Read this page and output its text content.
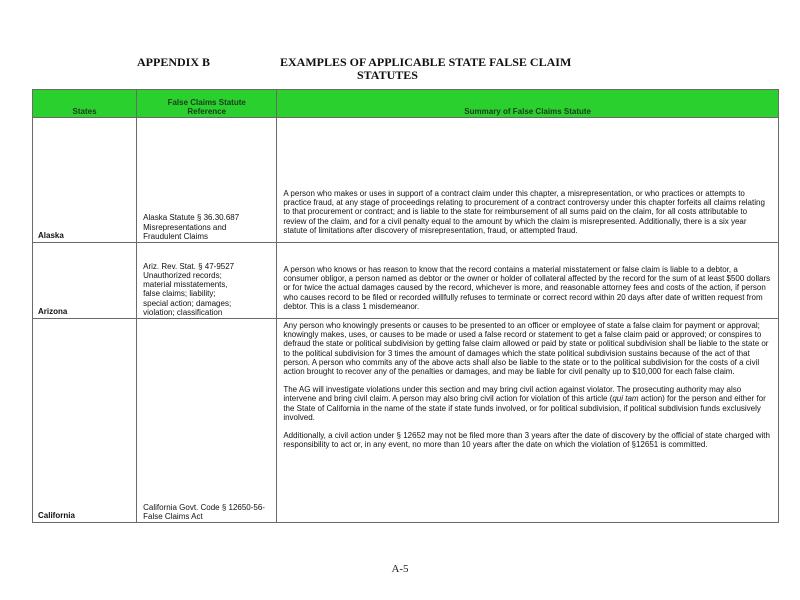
APPENDIX B	EXAMPLES OF APPLICABLE STATE FALSE CLAIM
STATUTES
States	False Claims Statute Reference	Summary of False Claims Statute

Alaska	Alaska Statute § 36.30.687 Misrepresentations and Fraudulent Claims	A person who makes or uses in support of a contract claim under this chapter, a misrepresentation, or who practices or attempts to practice fraud, at any stage of proceedings relating to procurement of a contract controversy under this chapter forfeits all claims relating to that procurement or contract; and is liable to the state for reimbursement of all sums paid on the claim, for all costs attributable to review of the claim, and for a civil penalty equal to the amount by which the claim is misrepresented. Additionally, there is a six year statute of limitations after discovery of misrepresentation, fraud, or attempted fraud.

Arizona	Ariz. Rev. Stat. § 47-9527 Unauthorized records; material misstatements, false claims; liability; special action; damages; violation; classification	A person who knows or has reason to know that the record contains a material misstatement or false claim is liable to a debtor, a consumer obligor, a person named as debtor or the owner or holder of collateral affected by the record for the sum of at least $500 dollars or for twice the actual damages caused by the record, whichever is more, and reasonable attorney fees and costs of the action, if person who causes record to be filed or recorded willfully refuses to terminate or correct record within 20 days after date of written request from debtor. This is a class 1 misdemeanor.

California	California Govt. Code § 12650-56-False Claims Act	Any person who knowingly presents or causes to be presented to an officer or employee of state a false claim for payment or approval; knowingly makes, uses, or causes to be made or used a false record or statement to get a false claim paid or approved; or conspires to defraud the state or political subdivision by getting false claim allowed or paid by state or political subdivision shall be liable to the state or to the political subdivision for 3 times the amount of damages which the state political subdivision sustains because of the act of that person. A person who commits any of the above acts shall also be liable to the state or to the political subdivision for the costs of a civil action brought to recover any of the penalties or damages, and may be liable for civil penalty up to $10,000 for each false claim.

The AG will investigate violations under this section and may bring civil action against violator. The prosecuting authority may also intervene and bring civil claim. A person may also bring civil action for violation of this article (qui tam action) for the person and either for the State of California in the name of the state if state funds involved, or for political subdivision, if political subdivision funds exclusively involved.

Additionally, a civil action under § 12652 may not be filed more than 3 years after the date of discovery by the official of state charged with responsibility to act or, in any event, no more than 10 years after the date on which the violation of §12651 is committed.

A-5
